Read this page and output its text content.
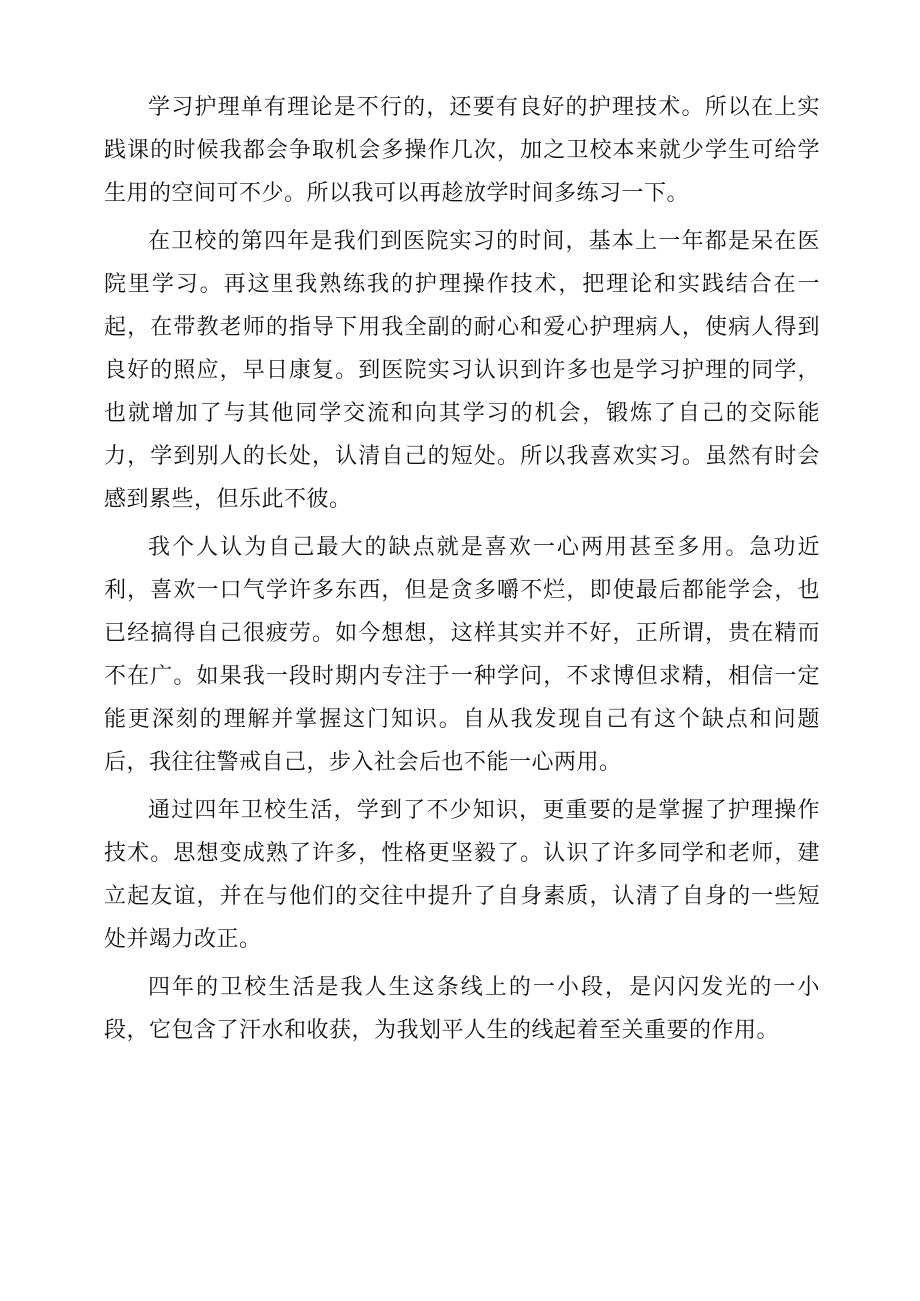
学习护理单有理论是不行的，还要有良好的护理技术。所以在上实践课的时候我都会争取机会多操作几次，加之卫校本来就少学生可给学生用的空间可不少。所以我可以再趁放学时间多练习一下。

在卫校的第四年是我们到医院实习的时间，基本上一年都是呆在医院里学习。再这里我熟练我的护理操作技术，把理论和实践结合在一起，在带教老师的指导下用我全副的耐心和爱心护理病人，使病人得到良好的照应，早日康复。到医院实习认识到许多也是学习护理的同学，也就增加了与其他同学交流和向其学习的机会，锻炼了自己的交际能力，学到别人的长处，认清自己的短处。所以我喜欢实习。虽然有时会感到累些，但乐此不彼。

我个人认为自己最大的缺点就是喜欢一心两用甚至多用。急功近利，喜欢一口气学许多东西，但是贪多嚼不烂，即使最后都能学会，也已经搞得自己很疲劳。如今想想，这样其实并不好，正所谓，贵在精而不在广。如果我一段时期内专注于一种学问，不求博但求精，相信一定能更深刻的理解并掌握这门知识。自从我发现自己有这个缺点和问题后，我往往警戒自己，步入社会后也不能一心两用。

通过四年卫校生活，学到了不少知识，更重要的是掌握了护理操作技术。思想变成熟了许多，性格更坚毅了。认识了许多同学和老师，建立起友谊，并在与他们的交往中提升了自身素质，认清了自身的一些短处并竭力改正。

四年的卫校生活是我人生这条线上的一小段，是闪闪发光的一小段，它包含了汗水和收获，为我划平人生的线起着至关重要的作用。
